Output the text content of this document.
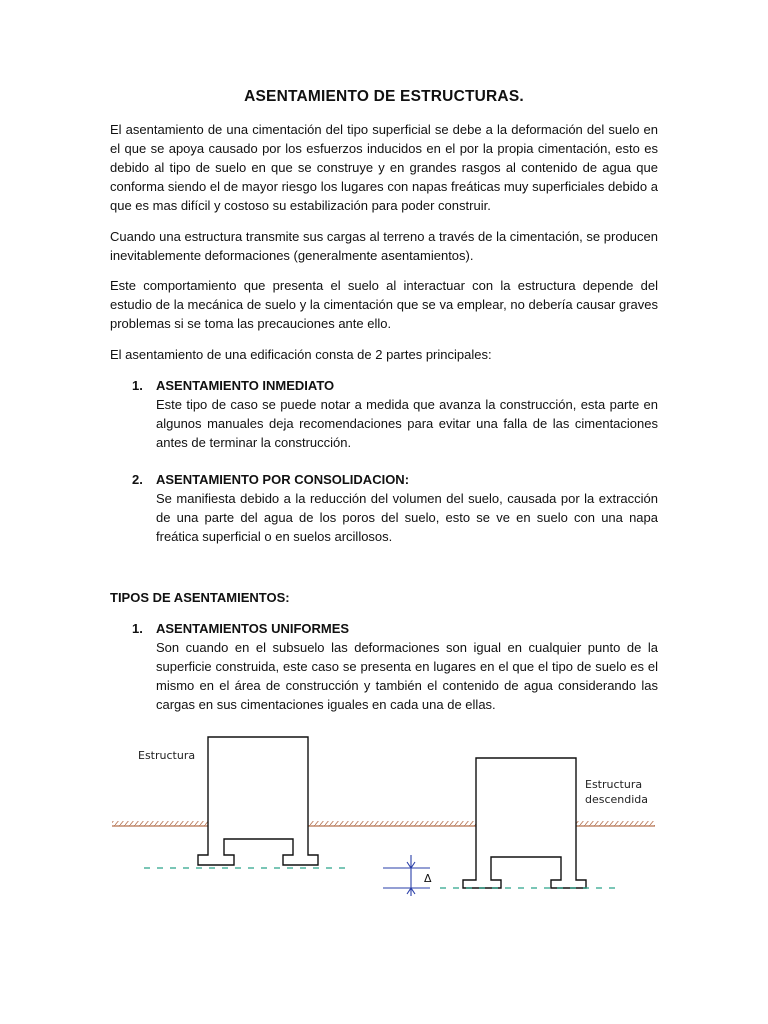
ASENTAMIENTO DE ESTRUCTURAS.
El asentamiento de una cimentación del tipo superficial se debe a la deformación del suelo en el que se apoya causado por los esfuerzos inducidos en el por la propia cimentación, esto es debido al tipo de suelo en que se construye y en grandes rasgos al contenido de agua que conforma siendo el de mayor riesgo los lugares con napas freáticas muy superficiales debido a que es mas difícil y costoso su estabilización para poder construir.
Cuando una estructura transmite sus cargas al terreno a través de la cimentación, se producen inevitablemente deformaciones (generalmente asentamientos).
Este comportamiento que presenta el suelo al interactuar con la estructura depende del estudio de la mecánica de suelo y la cimentación que se va emplear, no debería causar graves problemas si se toma las precauciones ante ello.
El asentamiento de una edificación consta de 2 partes principales:
1. ASENTAMIENTO INMEDIATO
Este tipo de caso se puede notar a medida que avanza la construcción, esta parte en algunos manuales deja recomendaciones para evitar una falla de las cimentaciones antes de terminar la construcción.
2. ASENTAMIENTO POR CONSOLIDACION:
Se manifiesta debido a la reducción del volumen del suelo, causada por la extracción de una parte del agua de los poros del suelo, esto se ve en suelo con una napa freática superficial o en suelos arcillosos.
TIPOS DE ASENTAMIENTOS:
1. ASENTAMIENTOS UNIFORMES
Son cuando en el subsuelo las deformaciones son igual en cualquier punto de la superficie construida, este caso se presenta en lugares en el que el tipo de suelo es el mismo en el área de construcción y también el contenido de agua considerando las cargas en sus cimentaciones iguales en cada una de ellas.
Estructura
Δ
Estructura
descendida
